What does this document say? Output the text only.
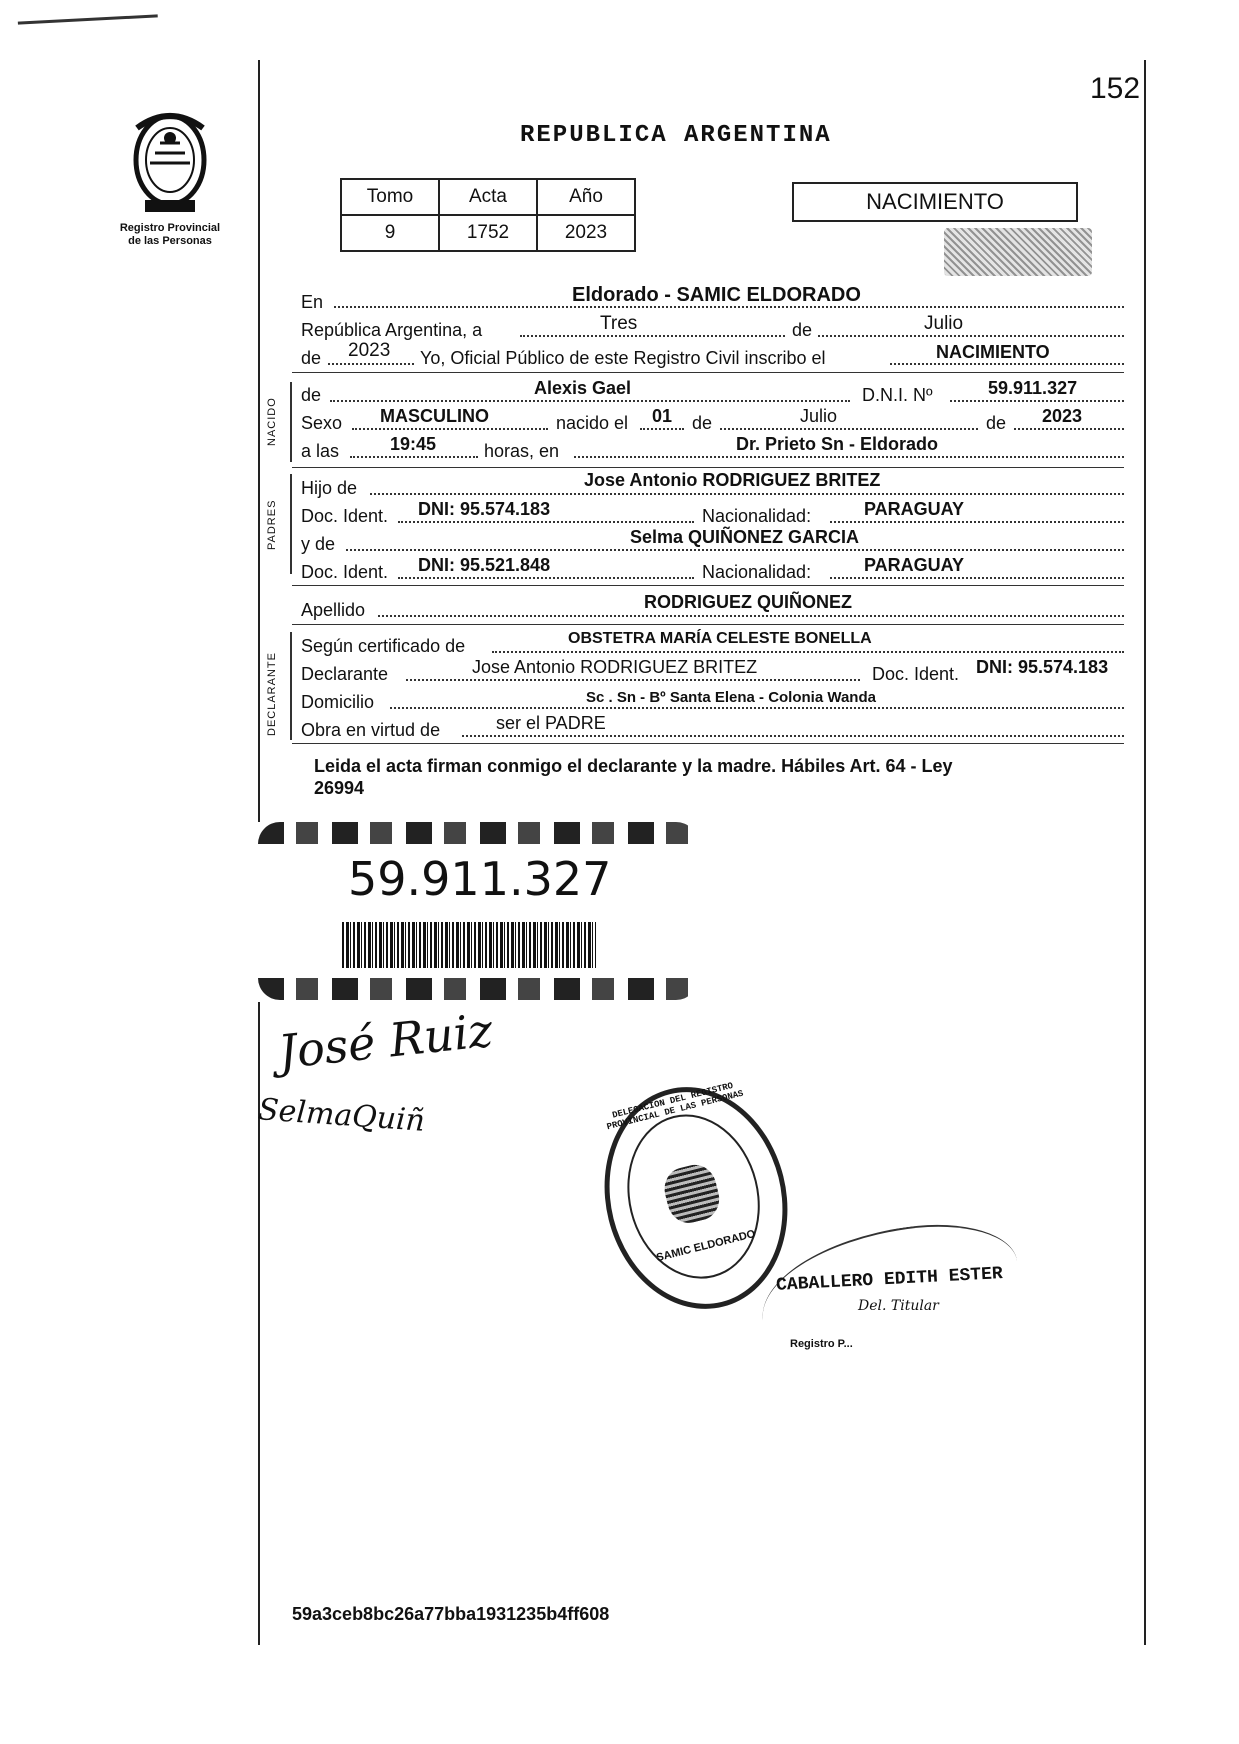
152
Registro Provincial
de las Personas
REPUBLICA ARGENTINA
Tomo	Acta	Año
9	1752	2023
NACIMIENTO
En	Eldorado - SAMIC ELDORADO
República Argentina, a	Tres	de	Julio
de 2023 Yo, Oficial Público de este Registro Civil inscribo el	NACIMIENTO
NACIDO
de	Alexis Gael	D.N.I. Nº	59.911.327
Sexo MASCULINO	nacido el 01 de	Julio	de 2023
a las	19:45	horas, en	Dr. Prieto Sn - Eldorado
PADRES
Hijo de	Jose Antonio RODRIGUEZ BRITEZ
Doc. Ident. DNI: 95.574.183	Nacionalidad:	PARAGUAY
y de	Selma QUIÑONEZ GARCIA
Doc. Ident. DNI: 95.521.848	Nacionalidad:	PARAGUAY
Apellido	RODRIGUEZ QUIÑONEZ
DECLARANTE
Según certificado de	OBSTETRA MARÍA CELESTE BONELLA
Declarante	Jose Antonio RODRIGUEZ BRITEZ	Doc. Ident. DNI: 95.574.183
Domicilio	Sc . Sn - Bº Santa Elena - Colonia Wanda
Obra en virtud de	ser el PADRE
Leida el acta firman conmigo el declarante y la madre. Hábiles Art. 64 - Ley
26994
59.911.327
José Ruiz
SelmaQuiñ	DELEGACION DEL REGISTRO PROVINCIAL DE LAS PERSONAS
SAMIC ELDORADO
CABALLERO EDITH ESTER
Del. Titular
Registro P...
59a3ceb8bc26a77bba1931235b4ff608
